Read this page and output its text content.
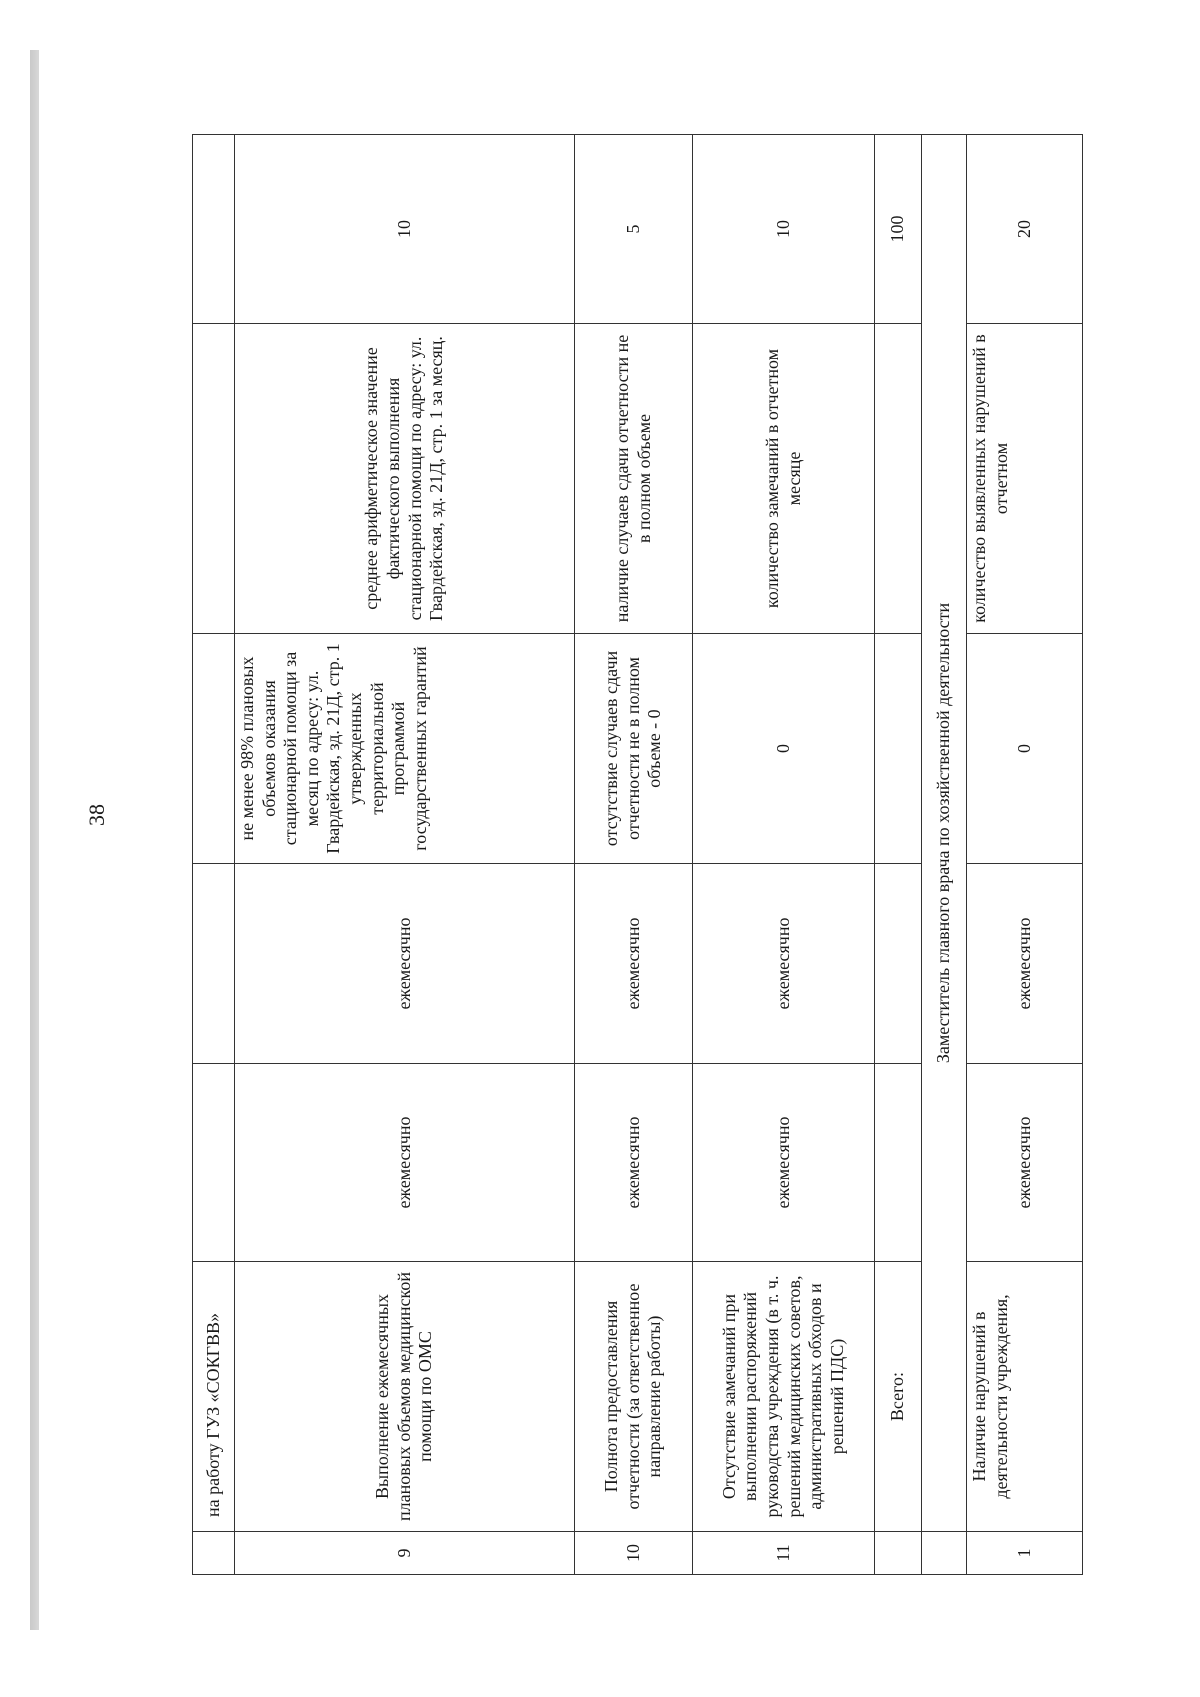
38
	на работу ГУЗ «СОКГВВ»					
9	Выполнение ежемесячных плановых объемов медицинской помощи по ОМС	ежемесячно	ежемесячно	не менее 98% плановых объемов оказания стационарной помощи за месяц по адресу: ул. Гвардейская, зд. 21Д, стр. 1 утвержденных территориальной программой государственных гарантий	среднее арифметическое значение фактического выполнения стационарной помощи по адресу: ул. Гвардейская, зд. 21Д, стр. 1 за месяц.	10
10	Полнота предоставления отчетности (за ответственное направление работы)	ежемесячно	ежемесячно	отсутствие случаев сдачи отчетности не в полном объеме - 0	наличие случаев сдачи отчетности не в полном объеме	5
11	Отсутствие замечаний при выполнении распоряжений руководства учреждения (в т. ч. решений медицинских советов, административных обходов и решений ПДС)	ежемесячно	ежемесячно	0	количество замечаний в отчетном месяце	10
	Всего:					100
	Заместитель главного врача по хозяйственной деятельности					
1	Наличие нарушений в деятельности учреждения,	ежемесячно	ежемесячно	0	количество выявленных нарушений в отчетном	20
